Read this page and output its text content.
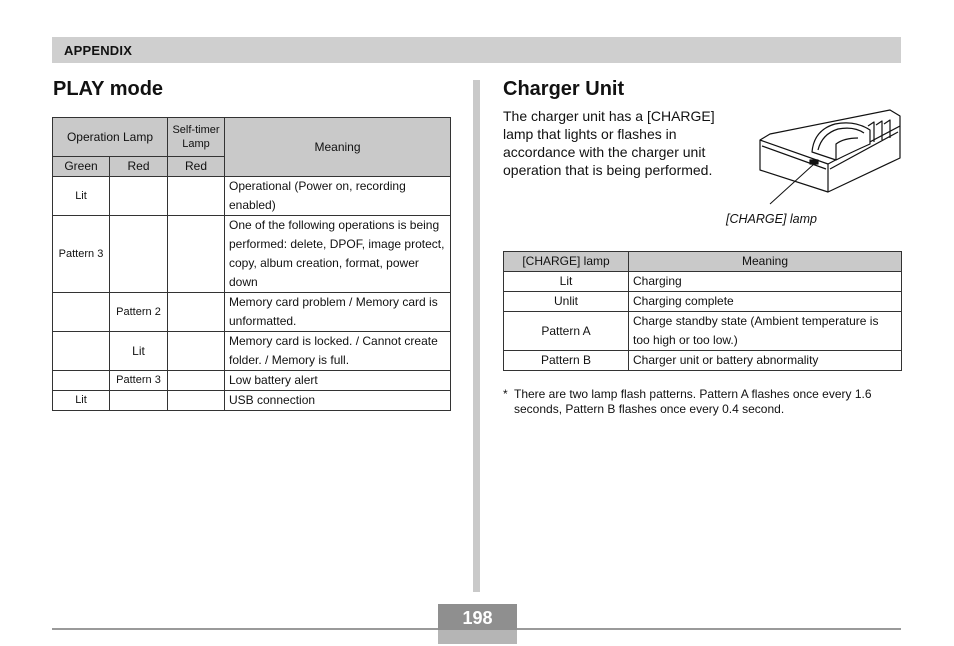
APPENDIX
PLAY mode
Operation Lamp		Self-timer Lamp	Meaning
Green	Red	Red	
Lit			Operational (Power on, recording enabled)
Pattern 3			One of the following operations is being performed: delete, DPOF, image protect, copy, album creation, format, power down
	Pattern 2		Memory card problem / Memory card is unformatted.
	Lit		Memory card is locked. / Cannot create folder. / Memory is full.
	Pattern 3		Low battery alert
Lit			USB connection
Charger Unit

The charger unit has a [CHARGE] lamp that lights or flashes in accordance with the charger unit operation that is being performed.

[CHARGE] lamp
[CHARGE] lamp	Meaning
Lit	Charging
Unlit	Charging complete
Pattern A	Charge standby state (Ambient temperature is too high or too low.)
Pattern B	Charger unit or battery abnormality
* There are two lamp flash patterns. Pattern A flashes once every 1.6 seconds, Pattern B flashes once every 0.4 second.
198
